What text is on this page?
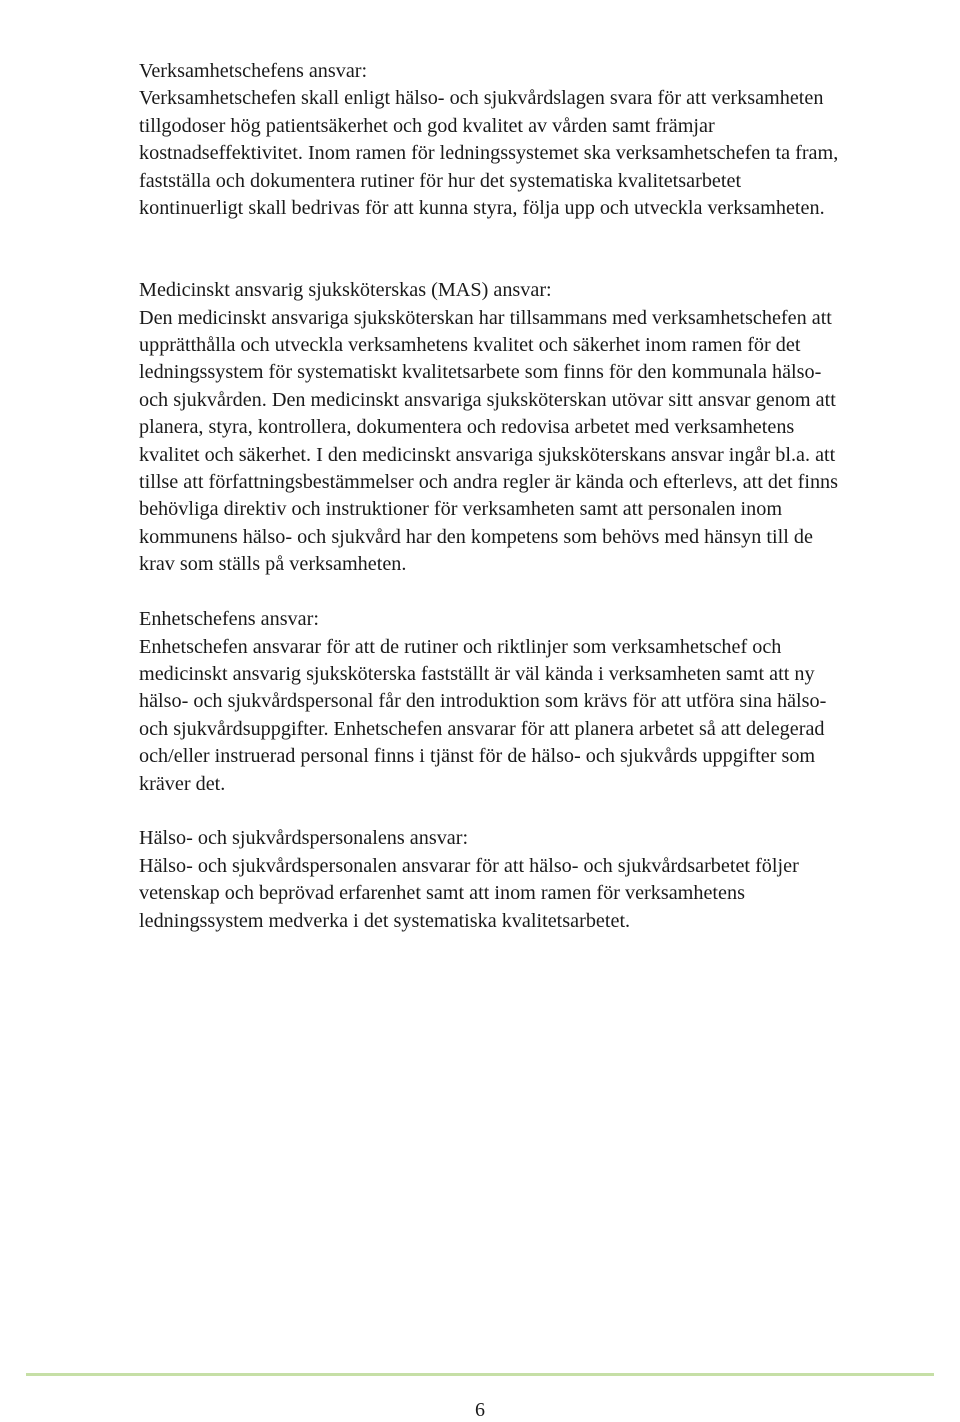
Verksamhetschefens ansvar:

Verksamhetschefen skall enligt hälso- och sjukvårdslagen svara för att verksamheten tillgodoser hög patientsäkerhet och god kvalitet av vården samt främjar kostnadseffektivitet. Inom ramen för ledningssystemet ska verksamhetschefen ta fram, fastställa och dokumentera rutiner för hur det systematiska kvalitetsarbetet kontinuerligt skall bedrivas för att kunna styra, följa upp och utveckla verksamheten.

Medicinskt ansvarig sjuksköterskas (MAS) ansvar:

Den medicinskt ansvariga sjuksköterskan har tillsammans med verksamhetschefen att upprätthålla och utveckla verksamhetens kvalitet och säkerhet inom ramen för det ledningssystem för systematiskt kvalitetsarbete som finns för den kommunala hälso- och sjukvården. Den medicinskt ansvariga sjuksköterskan utövar sitt ansvar genom att planera, styra, kontrollera, dokumentera och redovisa arbetet med verksamhetens kvalitet och säkerhet. I den medicinskt ansvariga sjuksköterskans ansvar ingår bl.a. att tillse att författningsbestämmelser och andra regler är kända och efterlevs, att det finns behövliga direktiv och instruktioner för verksamheten samt att personalen inom kommunens hälso- och sjukvård har den kompetens som behövs med hänsyn till de krav som ställs på verksamheten.

Enhetschefens ansvar:

Enhetschefen ansvarar för att de rutiner och riktlinjer som verksamhetschef och medicinskt ansvarig sjuksköterska fastställt är väl kända i verksamheten samt att ny hälso- och sjukvårdspersonal får den introduktion som krävs för att utföra sina hälso- och sjukvårdsuppgifter. Enhetschefen ansvarar för att planera arbetet så att delegerad och/eller instruerad personal finns i tjänst för de hälso- och sjukvårds uppgifter som kräver det.

Hälso- och sjukvårdspersonalens ansvar:

Hälso- och sjukvårdspersonalen ansvarar för att hälso- och sjukvårdsarbetet följer vetenskap och beprövad erfarenhet samt att inom ramen för verksamhetens ledningssystem medverka i det systematiska kvalitetsarbetet.

6
